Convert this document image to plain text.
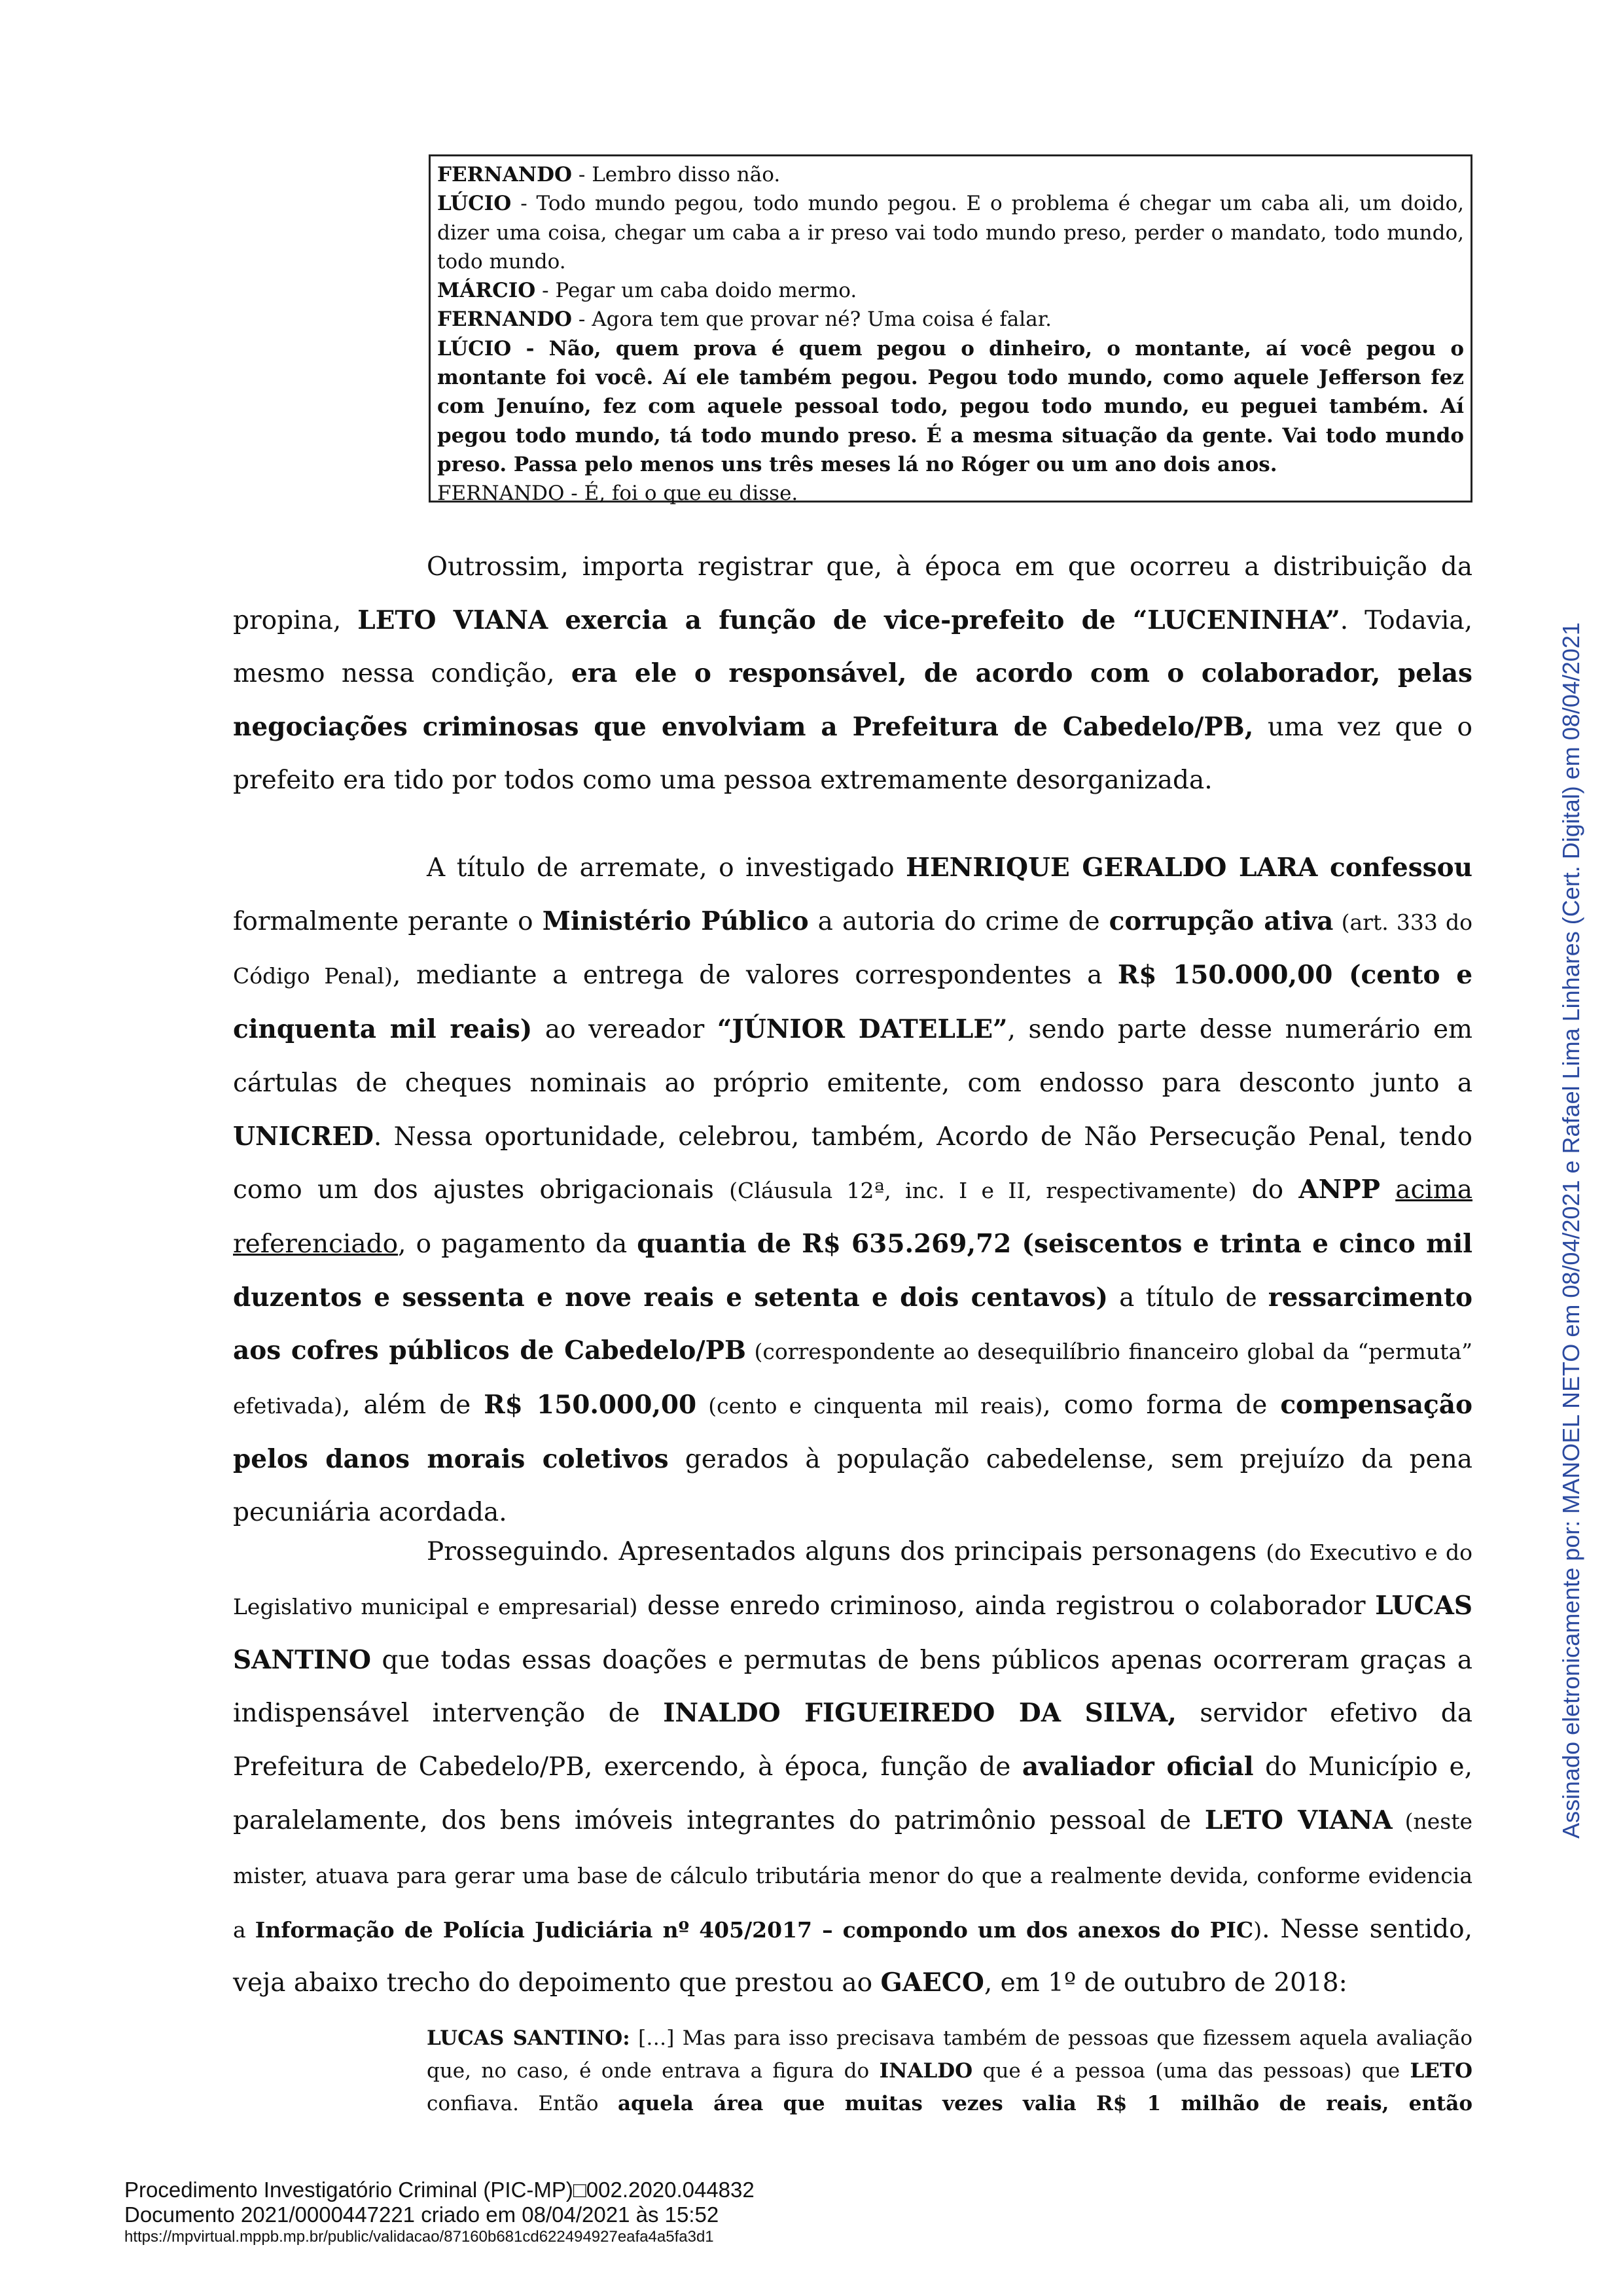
FERNANDO - Lembro disso não.

LÚCIO - Todo mundo pegou, todo mundo pegou. E o problema é chegar um caba ali, um doido, dizer uma coisa, chegar um caba a ir preso vai todo mundo preso, perder o mandato, todo mundo, todo mundo.

MÁRCIO - Pegar um caba doido mermo.

FERNANDO - Agora tem que provar né? Uma coisa é falar.

LÚCIO - Não, quem prova é quem pegou o dinheiro, o montante, aí você pegou o montante foi você. Aí ele também pegou. Pegou todo mundo, como aquele Jefferson fez com Jenuíno, fez com aquele pessoal todo, pegou todo mundo, eu peguei também. Aí pegou todo mundo, tá todo mundo preso. É a mesma situação da gente. Vai todo mundo preso. Passa pelo menos uns três meses lá no Róger ou um ano dois anos.

FERNANDO - É, foi o que eu disse.

Outrossim, importa registrar que, à época em que ocorreu a distribuição da propina, LETO VIANA exercia a função de vice-prefeito de “LUCENINHA”. Todavia, mesmo nessa condição, era ele o responsável, de acordo com o colaborador, pelas negociações criminosas que envolviam a Prefeitura de Cabedelo/PB, uma vez que o prefeito era tido por todos como uma pessoa extremamente desorganizada.

A título de arremate, o investigado HENRIQUE GERALDO LARA confessou formalmente perante o Ministério Público a autoria do crime de corrupção ativa (art. 333 do Código Penal), mediante a entrega de valores correspondentes a R$ 150.000,00 (cento e cinquenta mil reais) ao vereador “JÚNIOR DATELLE”, sendo parte desse numerário em cártulas de cheques nominais ao próprio emitente, com endosso para desconto junto a UNICRED. Nessa oportunidade, celebrou, também, Acordo de Não Persecução Penal, tendo como um dos ajustes obrigacionais (Cláusula 12ª, inc. I e II, respectivamente) do ANPP acima referenciado, o pagamento da quantia de R$ 635.269,72 (seiscentos e trinta e cinco mil duzentos e sessenta e nove reais e setenta e dois centavos) a título de ressarcimento aos cofres públicos de Cabedelo/PB (correspondente ao desequilíbrio financeiro global da “permuta” efetivada), além de R$ 150.000,00 (cento e cinquenta mil reais), como forma de compensação pelos danos morais coletivos gerados à população cabedelense, sem prejuízo da pena pecuniária acordada.

Prosseguindo. Apresentados alguns dos principais personagens (do Executivo e do Legislativo municipal e empresarial) desse enredo criminoso, ainda registrou o colaborador LUCAS SANTINO que todas essas doações e permutas de bens públicos apenas ocorreram graças a indispensável intervenção de INALDO FIGUEIREDO DA SILVA, servidor efetivo da Prefeitura de Cabedelo/PB, exercendo, à época, função de avaliador oficial do Município e, paralelamente, dos bens imóveis integrantes do patrimônio pessoal de LETO VIANA (neste mister, atuava para gerar uma base de cálculo tributária menor do que a realmente devida, conforme evidencia a Informação de Polícia Judiciária nº 405/2017 – compondo um dos anexos do PIC). Nesse sentido, veja abaixo trecho do depoimento que prestou ao GAECO, em 1º de outubro de 2018:

LUCAS SANTINO: […] Mas para isso precisava também de pessoas que fizessem aquela avaliação que, no caso, é onde entrava a figura do INALDO que é a pessoa (uma das pessoas) que LETO confiava. Então aquela área que muitas vezes valia R$ 1 milhão de reais, então

Assinado eletronicamente por: MANOEL NETO em 08/04/2021 e Rafael Lima Linhares (Cert. Digital) em 08/04/2021
Procedimento Investigatório Criminal (PIC-MP)□002.2020.044832
Documento 2021/0000447221 criado em 08/04/2021 às 15:52
https://mpvirtual.mppb.mp.br/public/validacao/87160b681cd622494927eafa4a5fa3d1
